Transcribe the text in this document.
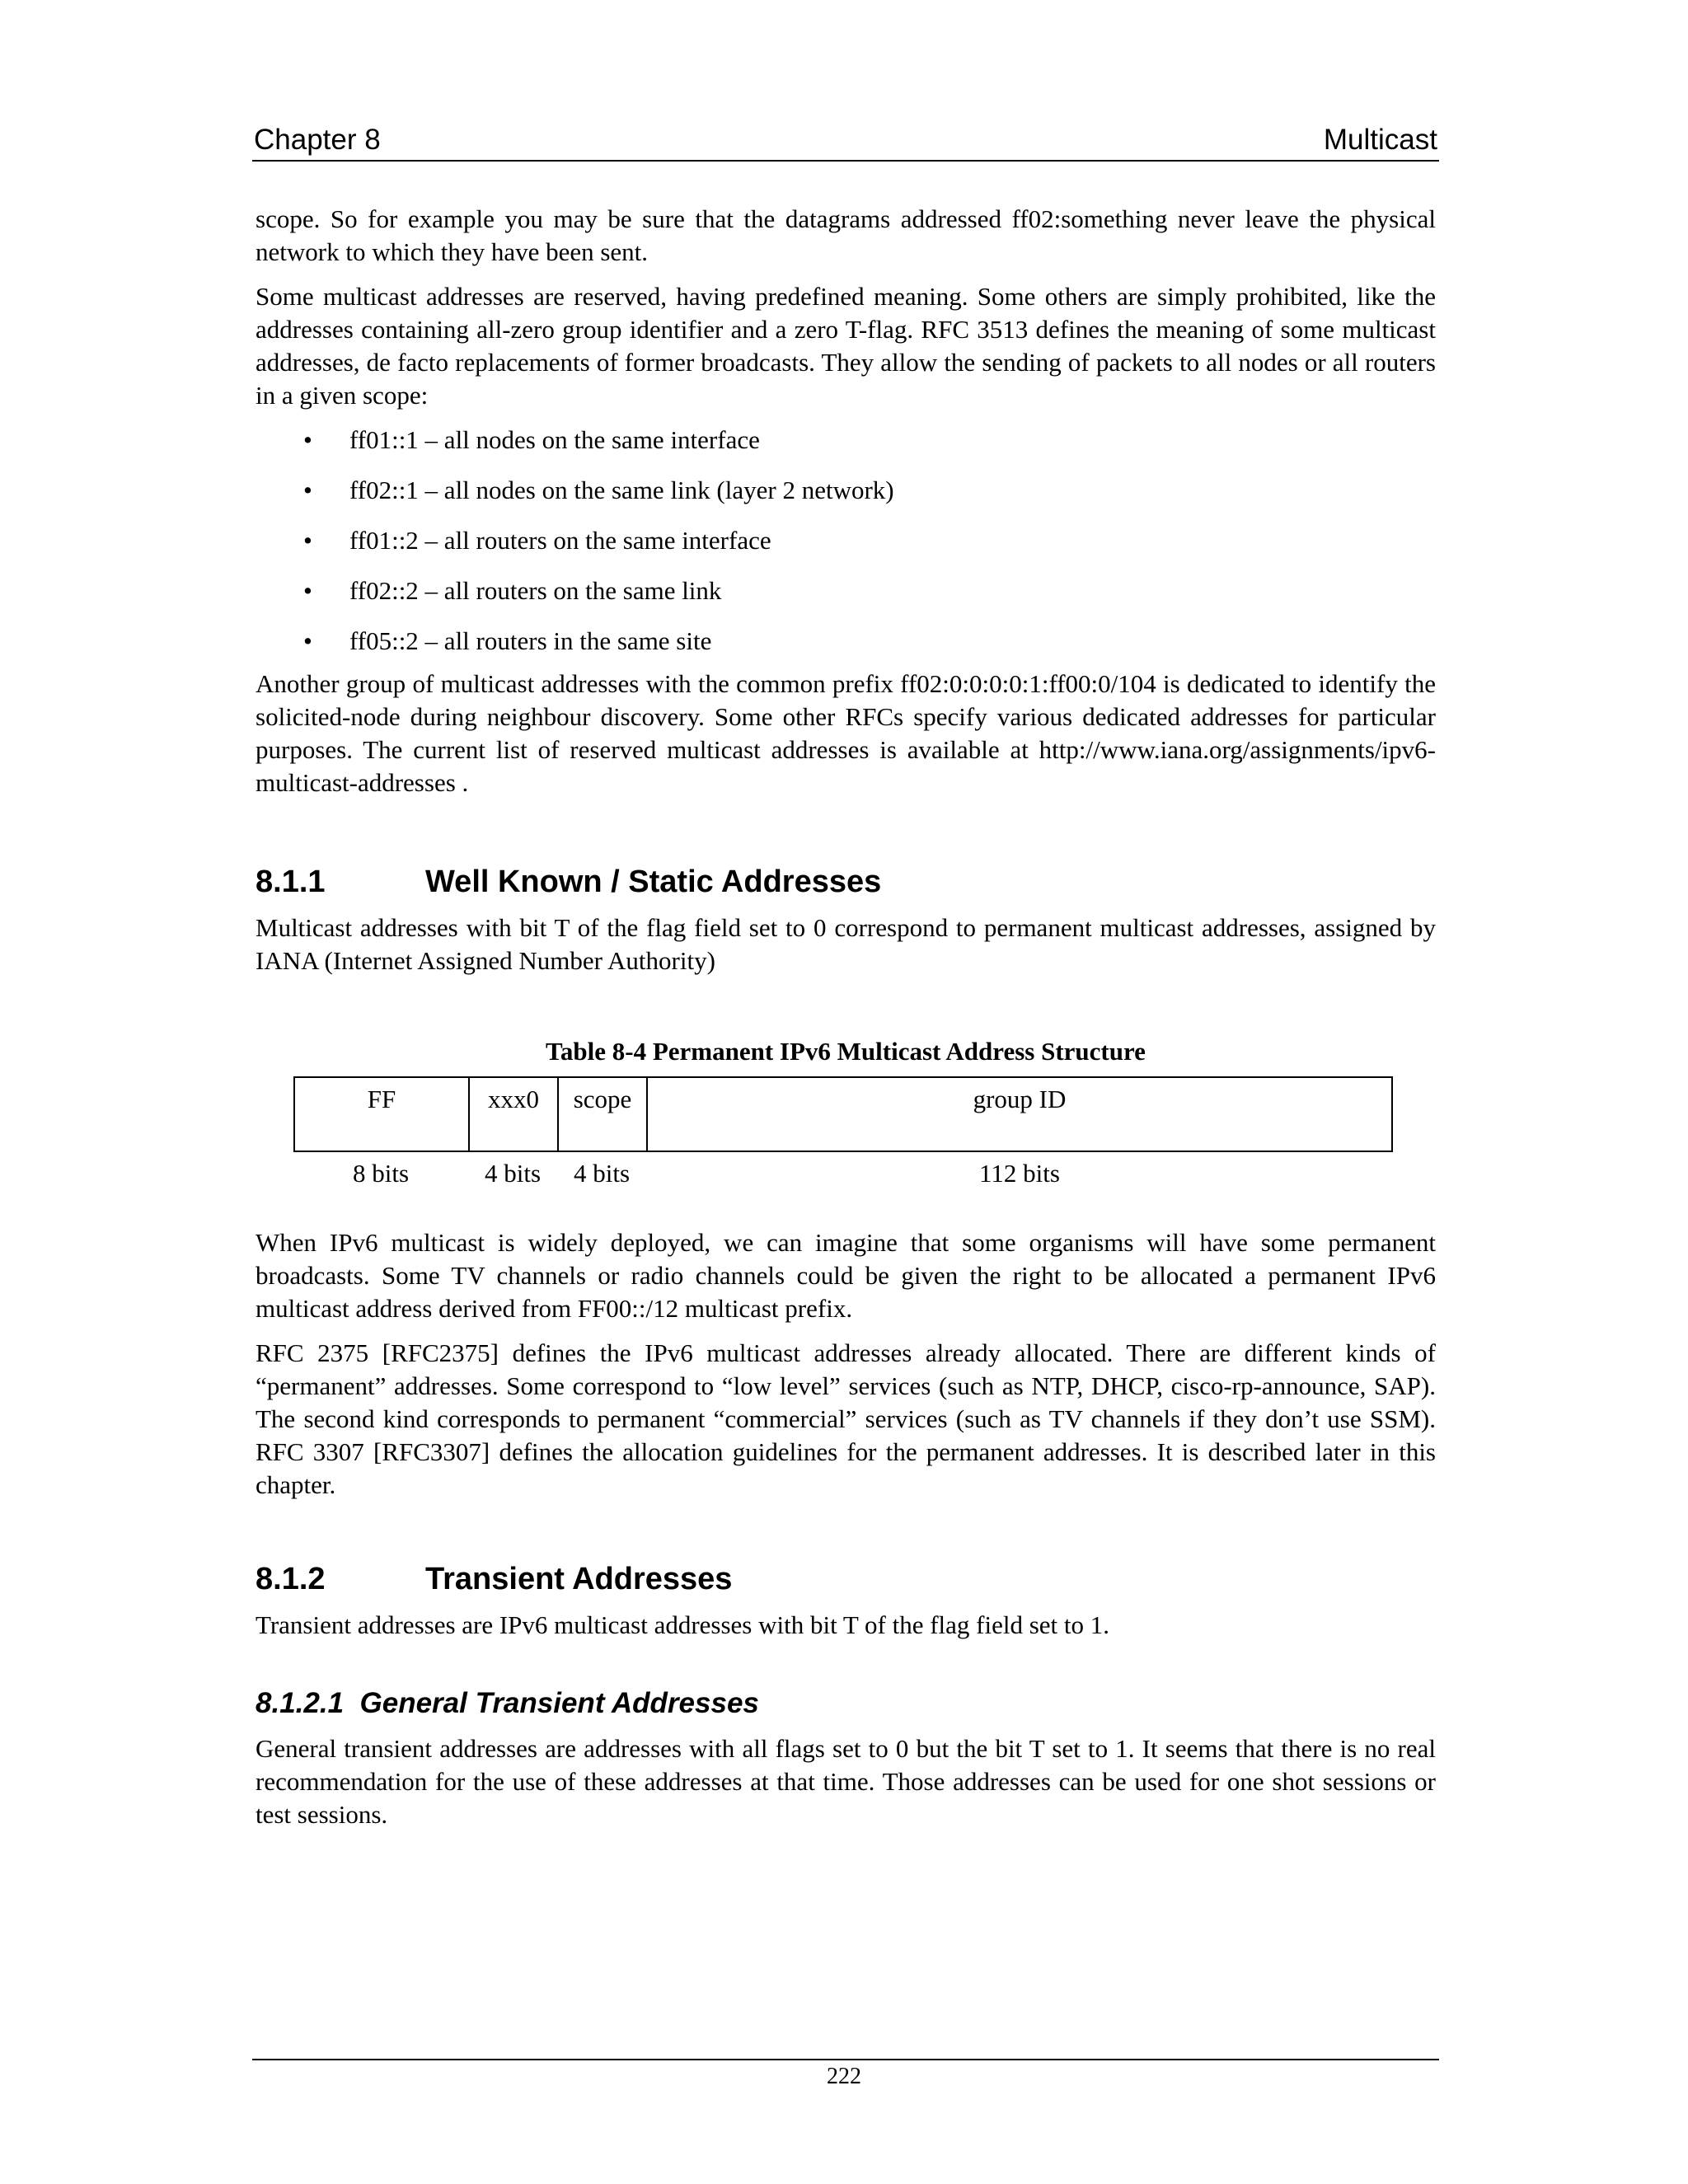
Chapter 8	Multicast

scope. So for example you may be sure that the datagrams addressed ff02:something never leave the physical network to which they have been sent.

Some multicast addresses are reserved, having predefined meaning. Some others are simply prohibited, like the addresses containing all-zero group identifier and a zero T-flag. RFC 3513 defines the meaning of some multicast addresses, de facto replacements of former broadcasts. They allow the sending of packets to all nodes or all routers in a given scope:

• ff01::1 – all nodes on the same interface
• ff02::1 – all nodes on the same link (layer 2 network)
• ff01::2 – all routers on the same interface
• ff02::2 – all routers on the same link
• ff05::2 – all routers in the same site

Another group of multicast addresses with the common prefix ff02:0:0:0:0:1:ff00:0/104 is dedicated to identify the solicited-node during neighbour discovery. Some other RFCs specify various dedicated addresses for particular purposes. The current list of reserved multicast addresses is available at http://www.iana.org/assignments/ipv6-multicast-addresses .

8.1.1	Well Known / Static Addresses

Multicast addresses with bit T of the flag field set to 0 correspond to permanent multicast addresses, assigned by IANA (Internet Assigned Number Authority)

Table 8-4 Permanent IPv6 Multicast Address Structure
FF	xxx0	scope	group ID
8 bits	4 bits	4 bits	112 bits

When IPv6 multicast is widely deployed, we can imagine that some organisms will have some permanent broadcasts. Some TV channels or radio channels could be given the right to be allocated a permanent IPv6 multicast address derived from FF00::/12 multicast prefix.

RFC 2375 [RFC2375] defines the IPv6 multicast addresses already allocated. There are different kinds of “permanent” addresses. Some correspond to “low level” services (such as NTP, DHCP, cisco-rp-announce, SAP). The second kind corresponds to permanent “commercial” services (such as TV channels if they don’t use SSM). RFC 3307 [RFC3307] defines the allocation guidelines for the permanent addresses. It is described later in this chapter.

8.1.2	Transient Addresses

Transient addresses are IPv6 multicast addresses with bit T of the flag field set to 1.

8.1.2.1 General Transient Addresses

General transient addresses are addresses with all flags set to 0 but the bit T set to 1. It seems that there is no real recommendation for the use of these addresses at that time. Those addresses can be used for one shot sessions or test sessions.

222
